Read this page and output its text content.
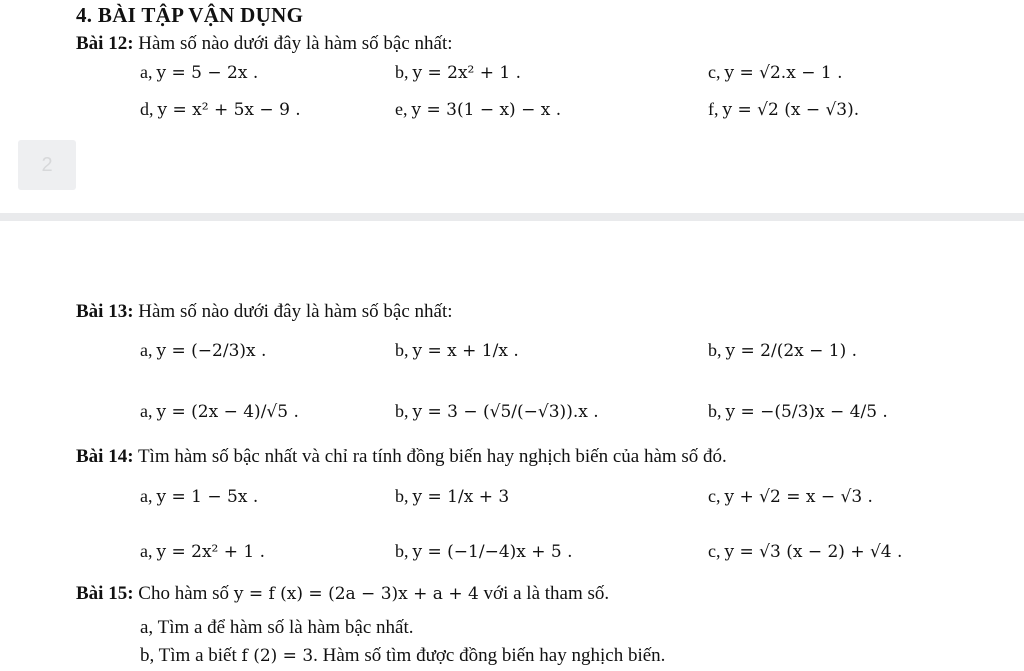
4. BÀI TẬP VẬN DỤNG
Bài 12: Hàm số nào dưới đây là hàm số bậc nhất:
a, y = 5 − 2x .	b, y = 2x² + 1 .	c, y = √2.x − 1 .
d, y = x² + 5x − 9 .	e, y = 3(1 − x) − x .	f, y = √2 (x − √3).
2
Bài 13: Hàm số nào dưới đây là hàm số bậc nhất:
a, y = (−2/3)x .	b, y = x + 1/x .	b, y = 2/(2x − 1) .
a, y = (2x − 4)/√5 .	b, y = 3 − (√5/(−√3)).x .	b, y = −(5/3)x − 4/5 .
Bài 14: Tìm hàm số bậc nhất và chỉ ra tính đồng biến hay nghịch biến của hàm số đó.
a, y = 1 − 5x .	b, y = 1/x + 3	c, y + √2 = x − √3 .
a, y = 2x² + 1 .	b, y = (−1/−4)x + 5 .	c, y = √3 (x − 2) + √4 .
Bài 15: Cho hàm số y = f (x) = (2a − 3)x + a + 4 với a là tham số.
a, Tìm a để hàm số là hàm bậc nhất.
b, Tìm a biết f (2) = 3. Hàm số tìm được đồng biến hay nghịch biến.
